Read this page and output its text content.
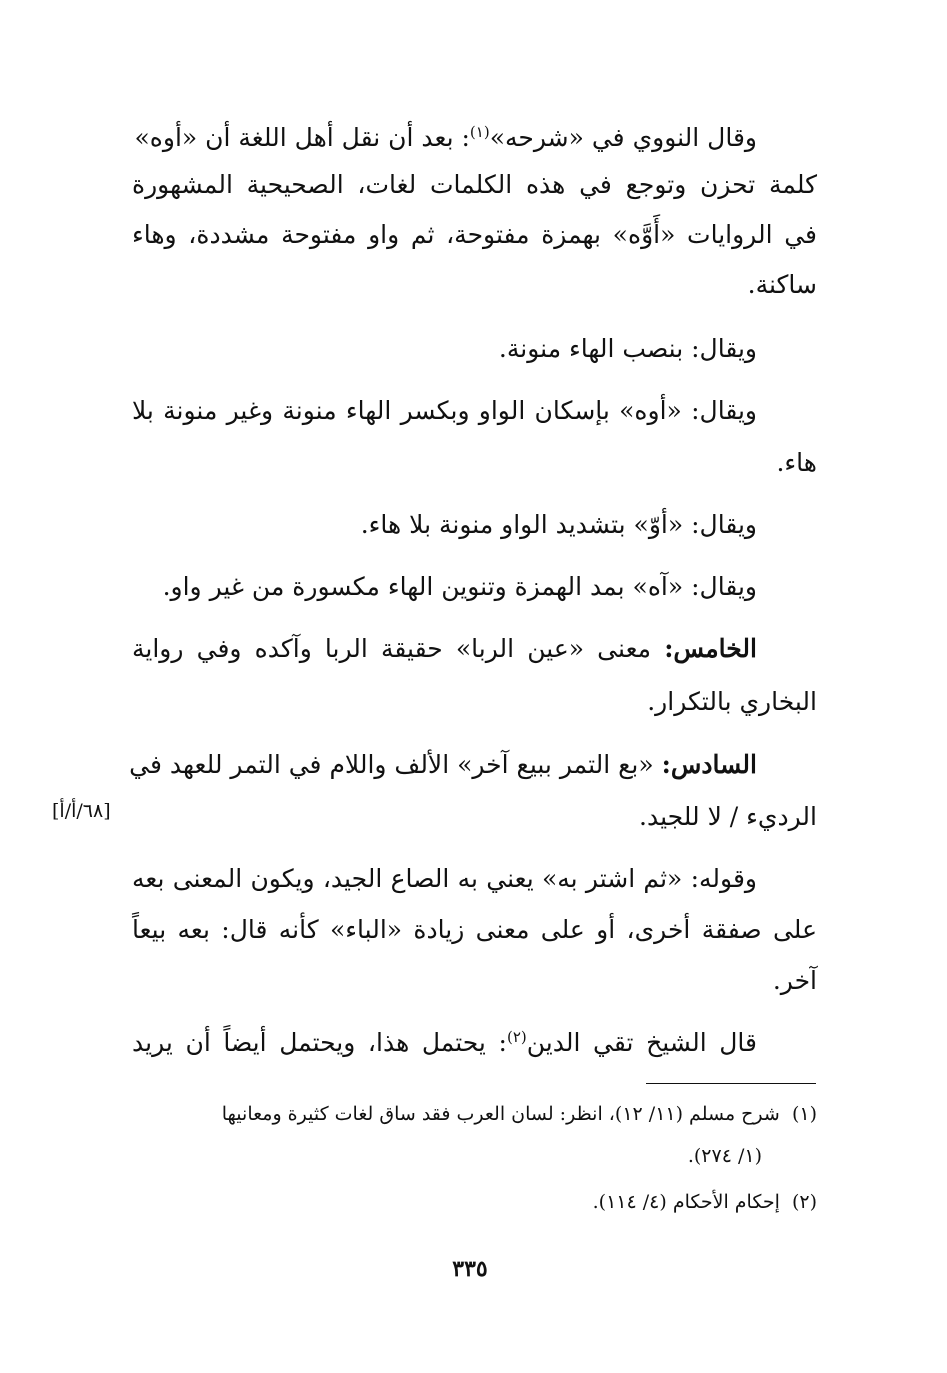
وقال النووي في «شرحه»$^{(١)}$: بعد أن نقل أهل اللغة أن «أوه»
كلمة تحزن وتوجع في هذه الكلمات لغات، الصحيحية المشهورة
في الروايات «أَوَّه» بهمزة مفتوحة، ثم واو مفتوحة مشددة، وهاء
ساكنة.
ويقال: بنصب الهاء منونة.
ويقال: «أوه» بإسكان الواو وبكسر الهاء منونة وغير منونة بلا
هاء.
ويقال: «أوّ» بتشديد الواو منونة بلا هاء.
ويقال: «آه» بمد الهمزة وتنوين الهاء مكسورة من غير واو.
الخامس: معنى «عين الربا» حقيقة الربا وآكده وفي رواية
البخاري بالتكرار.
السادس: «بع التمر ببيع آخر» الألف واللام في التمر للعهد في
الرديء / لا للجيد.
[٦٨/أ/أ]
وقوله: «ثم اشتر به» يعني به الصاع الجيد، ويكون المعنى بعه
على صفقة أخرى، أو على معنى زيادة «الباء» كأنه قال: بعه بيعاً
آخر.
قال الشيخ تقي الدين$^{(٢)}$: يحتمل هذا، ويحتمل أيضاً أن يريد
(١)  شرح مسلم (١١/ ١٢)، انظر: لسان العرب فقد ساق لغات كثيرة ومعانيها
(١/ ٢٧٤).
(٢)  إحكام الأحكام (٤/ ١١٤).
٣٣٥
